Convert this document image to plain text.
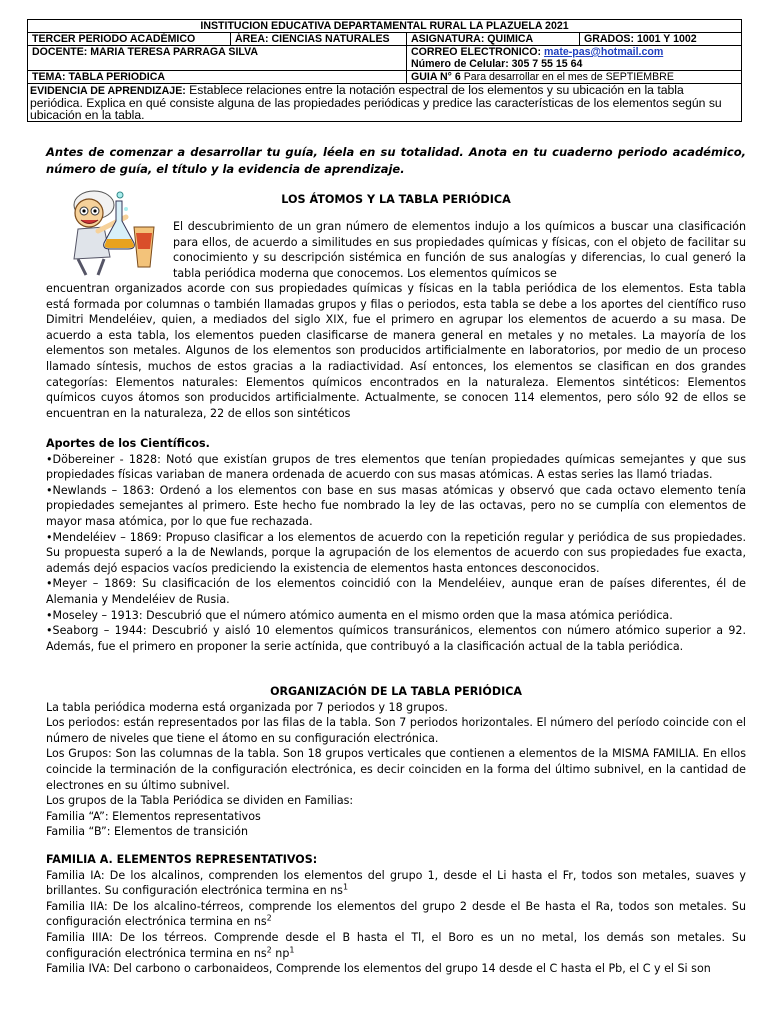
INSTITUCION EDUCATIVA DEPARTAMENTAL RURAL LA PLAZUELA 2021			
TERCER PERIODO ACADÉMICO	ÁREA: CIENCIAS NATURALES	ASIGNATURA: QUIMICA	GRADOS: 1001 Y 1002
DOCENTE: MARIA TERESA PARRAGA SILVA		CORREO ELECTRONICO: mate-pas@hotmail.com
Número de Celular: 305 7 55 15 64	
TEMA: TABLA PERIODICA		GUIA N° 6 Para desarrollar en el mes de SEPTIEMBRE	
EVIDENCIA DE APRENDIZAJE: Establece relaciones entre la notación espectral de los elementos y su ubicación en la tabla periódica. Explica en qué consiste alguna de las propiedades periódicas y predice las características de los elementos según su ubicación en la tabla.			

Antes de comenzar a desarrollar tu guía, léela en su totalidad. Anota en tu cuaderno periodo académico, número de guía, el título y la evidencia de aprendizaje.

LOS ÁTOMOS Y LA TABLA PERIÓDICA

El descubrimiento de un gran número de elementos indujo a los químicos a buscar una clasificación para ellos, de acuerdo a similitudes en sus propiedades químicas y físicas, con el objeto de facilitar su conocimiento y su descripción sistémica en función de sus analogías y diferencias, lo cual generó la tabla periódica moderna que conocemos. Los elementos químicos se

encuentran organizados acorde con sus propiedades químicas y físicas en la tabla periódica de los elementos. Esta tabla está formada por columnas o también llamadas grupos y filas o periodos, esta tabla se debe a los aportes del científico ruso Dimitri Mendeléiev, quien, a mediados del siglo XIX, fue el primero en agrupar los elementos de acuerdo a su masa. De acuerdo a esta tabla, los elementos pueden clasificarse de manera general en metales y no metales. La mayoría de los elementos son metales. Algunos de los elementos son producidos artificialmente en laboratorios, por medio de un proceso llamado síntesis, muchos de estos gracias a la radiactividad. Así entonces, los elementos se clasifican en dos grandes categorías: Elementos naturales: Elementos químicos encontrados en la naturaleza. Elementos sintéticos: Elementos químicos cuyos átomos son producidos artificialmente. Actualmente, se conocen 114 elementos, pero sólo 92 de ellos se encuentran en la naturaleza, 22 de ellos son sintéticos

Aportes de los Científicos.

•Döbereiner - 1828: Notó que existían grupos de tres elementos que tenían propiedades químicas semejantes y que sus propiedades físicas variaban de manera ordenada de acuerdo con sus masas atómicas. A estas series las llamó triadas.

•Newlands – 1863: Ordenó a los elementos con base en sus masas atómicas y observó que cada octavo elemento tenía propiedades semejantes al primero. Este hecho fue nombrado la ley de las octavas, pero no se cumplía con elementos de mayor masa atómica, por lo que fue rechazada.

•Mendeléiev – 1869: Propuso clasificar a los elementos de acuerdo con la repetición regular y periódica de sus propiedades. Su propuesta superó a la de Newlands, porque la agrupación de los elementos de acuerdo con sus propiedades fue exacta, además dejó espacios vacíos prediciendo la existencia de elementos hasta entonces desconocidos.

•Meyer – 1869: Su clasificación de los elementos coincidió con la Mendeléiev, aunque eran de países diferentes, él de Alemania y Mendeléiev de Rusia.

•Moseley – 1913: Descubrió que el número atómico aumenta en el mismo orden que la masa atómica periódica.

•Seaborg – 1944: Descubrió y aisló 10 elementos químicos transuránicos, elementos con número atómico superior a 92. Además, fue el primero en proponer la serie actínida, que contribuyó a la clasificación actual de la tabla periódica.

ORGANIZACIÓN DE LA TABLA PERIÓDICA

La tabla periódica moderna está organizada por 7 periodos y 18 grupos.

Los periodos: están representados por las filas de la tabla. Son 7 periodos horizontales. El número del período coincide con el número de niveles que tiene el átomo en su configuración electrónica.

Los Grupos: Son las columnas de la tabla. Son 18 grupos verticales que contienen a elementos de la MISMA FAMILIA. En ellos coincide la terminación de la configuración electrónica, es decir coinciden en la forma del último subnivel, en la cantidad de electrones en su último subnivel.

Los grupos de la Tabla Periódica se dividen en Familias:

Familia “A”: Elementos representativos

Familia “B”: Elementos de transición

FAMILIA A. ELEMENTOS REPRESENTATIVOS:

Familia IA: De los alcalinos, comprenden los elementos del grupo 1, desde el Li hasta el Fr, todos son metales, suaves y brillantes. Su configuración electrónica termina en $ns^1$

Familia IIA: De los alcalino-térreos, comprende los elementos del grupo 2 desde el Be hasta el Ra, todos son metales. Su configuración electrónica termina en $ns^2$

Familia IIIA: De los térreos. Comprende desde el B hasta el Tl, el Boro es un no metal, los demás son metales. Su configuración electrónica termina en $ns^2$ $np^1$

Familia IVA: Del carbono o carbonaideos, Comprende los elementos del grupo 14 desde el C hasta el Pb, el C y el Si son
